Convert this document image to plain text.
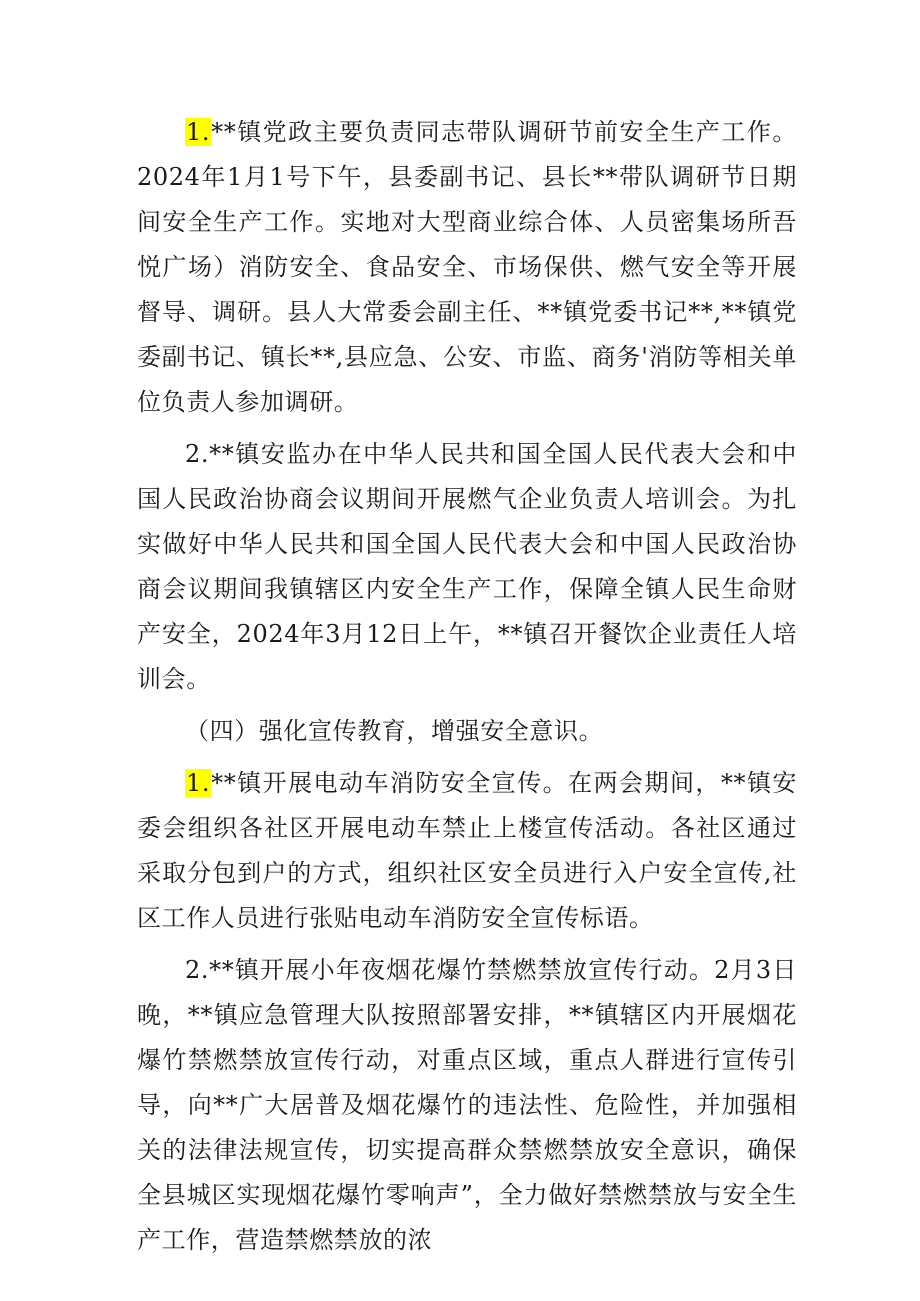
1.**镇党政主要负责同志带队调研节前安全生产工作。2024年1月1号下午，县委副书记、县长**带队调研节日期间安全生产工作。实地对大型商业综合体、人员密集场所吾悦广场）消防安全、食品安全、市场保供、燃气安全等开展督导、调研。县人大常委会副主任、**镇党委书记**,**镇党委副书记、镇长**,县应急、公安、市监、商务'消防等相关单位负责人参加调研。

2.**镇安监办在中华人民共和国全国人民代表大会和中国人民政治协商会议期间开展燃气企业负责人培训会。为扎实做好中华人民共和国全国人民代表大会和中国人民政治协商会议期间我镇辖区内安全生产工作，保障全镇人民生命财产安全，2024年3月12日上午，**镇召开餐饮企业责任人培训会。

（四）强化宣传教育，增强安全意识。

1.**镇开展电动车消防安全宣传。在两会期间，**镇安委会组织各社区开展电动车禁止上楼宣传活动。各社区通过采取分包到户的方式，组织社区安全员进行入户安全宣传,社区工作人员进行张贴电动车消防安全宣传标语。

2.**镇开展小年夜烟花爆竹禁燃禁放宣传行动。2月3日晚，**镇应急管理大队按照部署安排，**镇辖区内开展烟花爆竹禁燃禁放宣传行动，对重点区域，重点人群进行宣传引导，向**广大居普及烟花爆竹的违法性、危险性，并加强相关的法律法规宣传，切实提高群众禁燃禁放安全意识，确保全县城区实现烟花爆竹零响声”，全力做好禁燃禁放与安全生产工作，营造禁燃禁放的浓
